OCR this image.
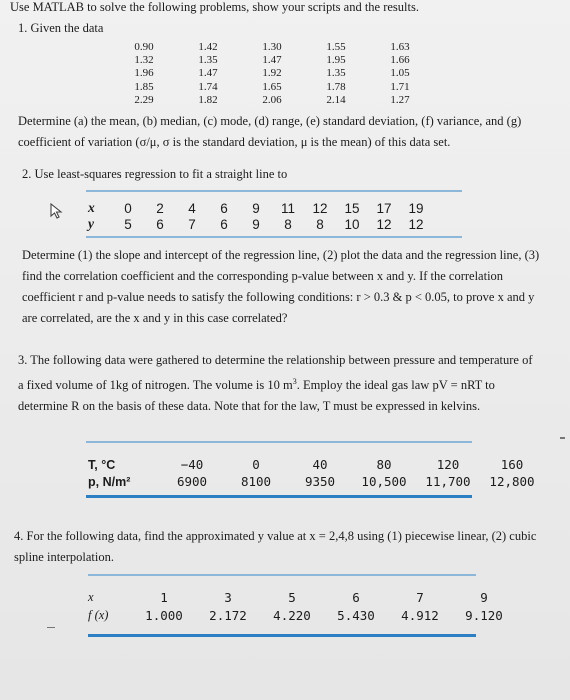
Use MATLAB to solve the following problems, show your scripts and the results.
1. Given the data
0.90	1.42	1.30	1.55	1.63
1.32	1.35	1.47	1.95	1.66
1.96	1.47	1.92	1.35	1.05
1.85	1.74	1.65	1.78	1.71
2.29	1.82	2.06	2.14	1.27
Determine (a) the mean, (b) median, (c) mode, (d) range, (e) standard deviation, (f) variance, and (g) coefficient of variation (σ/μ, σ is the standard deviation, μ is the mean) of this data set.
2. Use least-squares regression to fit a straight line to
x	0	2	4	6	9	11	12	15	17	19
y	5	6	7	6	9	8	8	10	12	12
Determine (1) the slope and intercept of the regression line, (2) plot the data and the regression line, (3) find the correlation coefficient and the corresponding p-value between x and y. If the correlation coefficient r and p-value needs to satisfy the following conditions: r > 0.3 & p < 0.05, to prove x and y are correlated, are the x and y in this case correlated?
3. The following data were gathered to determine the relationship between pressure and temperature of a fixed volume of 1kg of nitrogen. The volume is 10 $m^3$. Employ the ideal gas law pV = nRT to determine R on the basis of these data. Note that for the law, T must be expressed in kelvins.
T, °C	−40	0	40	80	120	160
p, N/m²	6900	8100	9350	10,500	11,700	12,800
4. For the following data, find the approximated y value at x = 2,4,8 using (1) piecewise linear, (2) cubic spline interpolation.
x	1	3	5	6	7	9
f (x)	1.000	2.172	4.220	5.430	4.912	9.120
